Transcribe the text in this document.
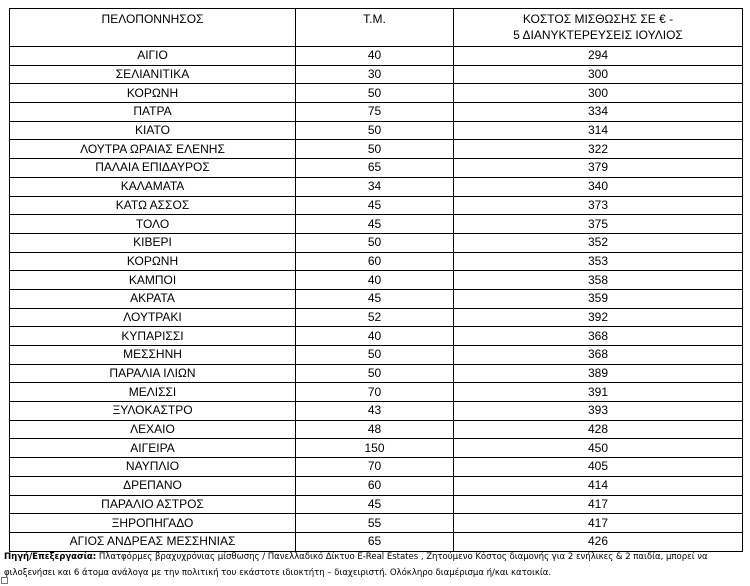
ΠΕΛΟΠΟΝΝΗΣΟΣ	Τ.Μ.	ΚΟΣΤΟΣ ΜΙΣΘΩΣΗΣ ΣΕ € -
5 ΔΙΑΝΥΚΤΕΡΕΥΣΕΙΣ ΙΟΥΛΙΟΣ

ΑΙΓΙΟ	40	294
ΣΕΛΙΑΝΙΤΙΚΑ	30	300
ΚΟΡΩΝΗ	50	300
ΠΑΤΡΑ	75	334
ΚΙΑΤΟ	50	314
ΛΟΥΤΡΑ ΩΡΑΙΑΣ ΕΛΕΝΗΣ	50	322
ΠΑΛΑΙΑ ΕΠΙΔΑΥΡΟΣ	65	379
ΚΑΛΑΜΑΤΑ	34	340
ΚΑΤΩ ΑΣΣΟΣ	45	373
ΤΟΛΟ	45	375
ΚΙΒΕΡΙ	50	352
ΚΟΡΩΝΗ	60	353
ΚΑΜΠΟΙ	40	358
ΑΚΡΑΤΑ	45	359
ΛΟΥΤΡΑΚΙ	52	392
ΚΥΠΑΡΙΣΣΙ	40	368
ΜΕΣΣΗΝΗ	50	368
ΠΑΡΑΛΙΑ ΙΛΙΩΝ	50	389
ΜΕΛΙΣΣΙ	70	391
ΞΥΛΟΚΑΣΤΡΟ	43	393
ΛΕΧΑΙΟ	48	428
ΑΙΓΕΙΡΑ	150	450
ΝΑΥΠΛΙΟ	70	405
ΔΡΕΠΑΝΟ	60	414
ΠΑΡΑΛΙΟ ΑΣΤΡΟΣ	45	417
ΞΗΡΟΠΗΓΑΔΟ	55	417
ΑΓΙΟΣ ΑΝΔΡΕΑΣ ΜΕΣΣΗΝΙΑΣ	65	426
Πηγή/Επεξεργασία: Πλατφόρμες βραχυχρόνιας μίσθωσης / Πανελλαδικό Δίκτυο E-Real Estates , Ζητούμενο Κόστος διαμονής για 2 ενήλικες & 2 παιδία, μπορεί να φιλοξενήσει και 6 άτομα ανάλογα με την πολιτική του εκάστοτε ιδιοκτήτη – διαχειριστή. Ολόκληρο διαμέρισμα ή/και κατοικία.
